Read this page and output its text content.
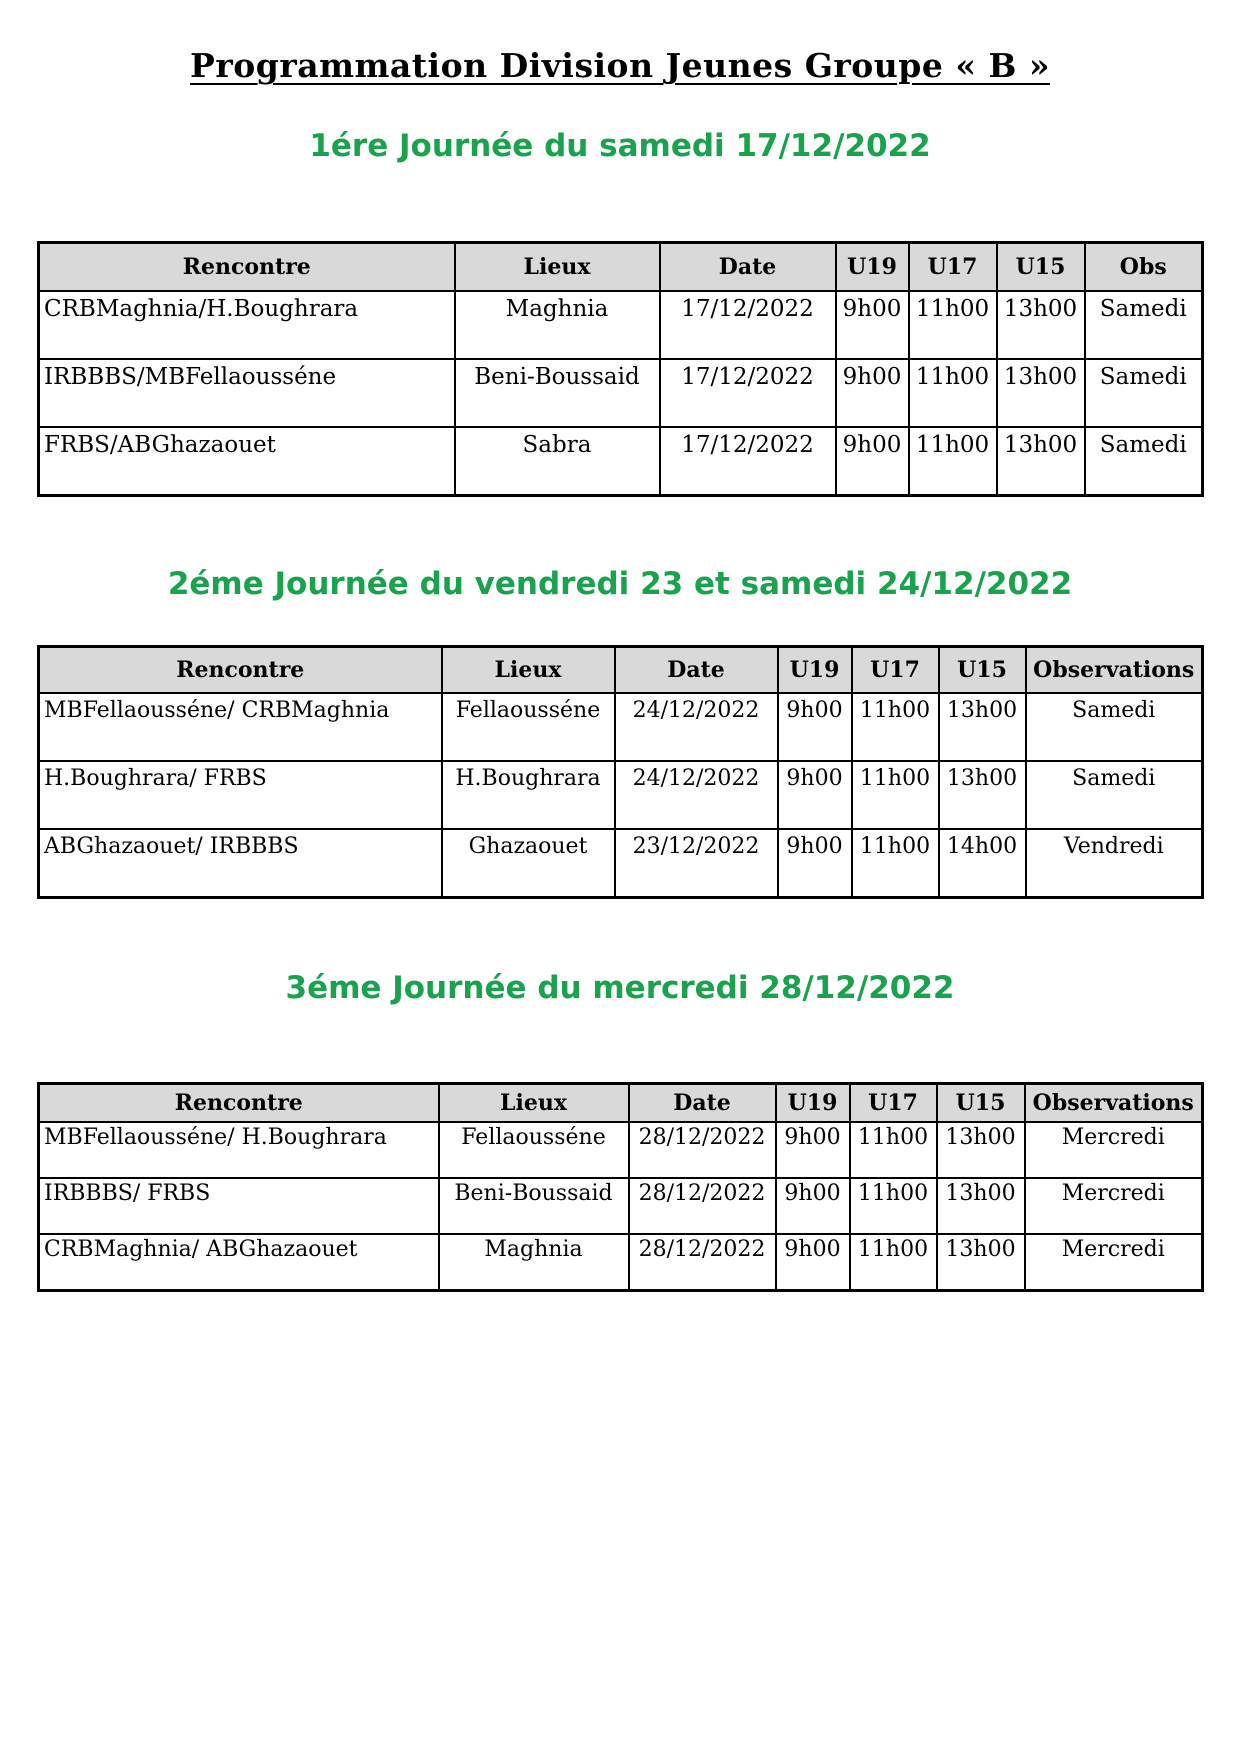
Programmation Division Jeunes Groupe « B »
1ére Journée du samedi 17/12/2022
Rencontre	Lieux	Date	U19	U17	U15	Obs
CRBMaghnia/H.Boughrara	Maghnia	17/12/2022	9h00	11h00	13h00	Samedi
IRBBBS/MBFellaousséne	Beni-Boussaid	17/12/2022	9h00	11h00	13h00	Samedi
FRBS/ABGhazaouet	Sabra	17/12/2022	9h00	11h00	13h00	Samedi
2éme Journée du vendredi 23 et samedi 24/12/2022
Rencontre	Lieux	Date	U19	U17	U15	Observations
MBFellaousséne/ CRBMaghnia	Fellaousséne	24/12/2022	9h00	11h00	13h00	Samedi
H.Boughrara/ FRBS	H.Boughrara	24/12/2022	9h00	11h00	13h00	Samedi
ABGhazaouet/ IRBBBS	Ghazaouet	23/12/2022	9h00	11h00	14h00	Vendredi
3éme Journée du mercredi 28/12/2022
Rencontre	Lieux	Date	U19	U17	U15	Observations
MBFellaousséne/ H.Boughrara	Fellaousséne	28/12/2022	9h00	11h00	13h00	Mercredi
IRBBBS/ FRBS	Beni-Boussaid	28/12/2022	9h00	11h00	13h00	Mercredi
CRBMaghnia/ ABGhazaouet	Maghnia	28/12/2022	9h00	11h00	13h00	Mercredi
